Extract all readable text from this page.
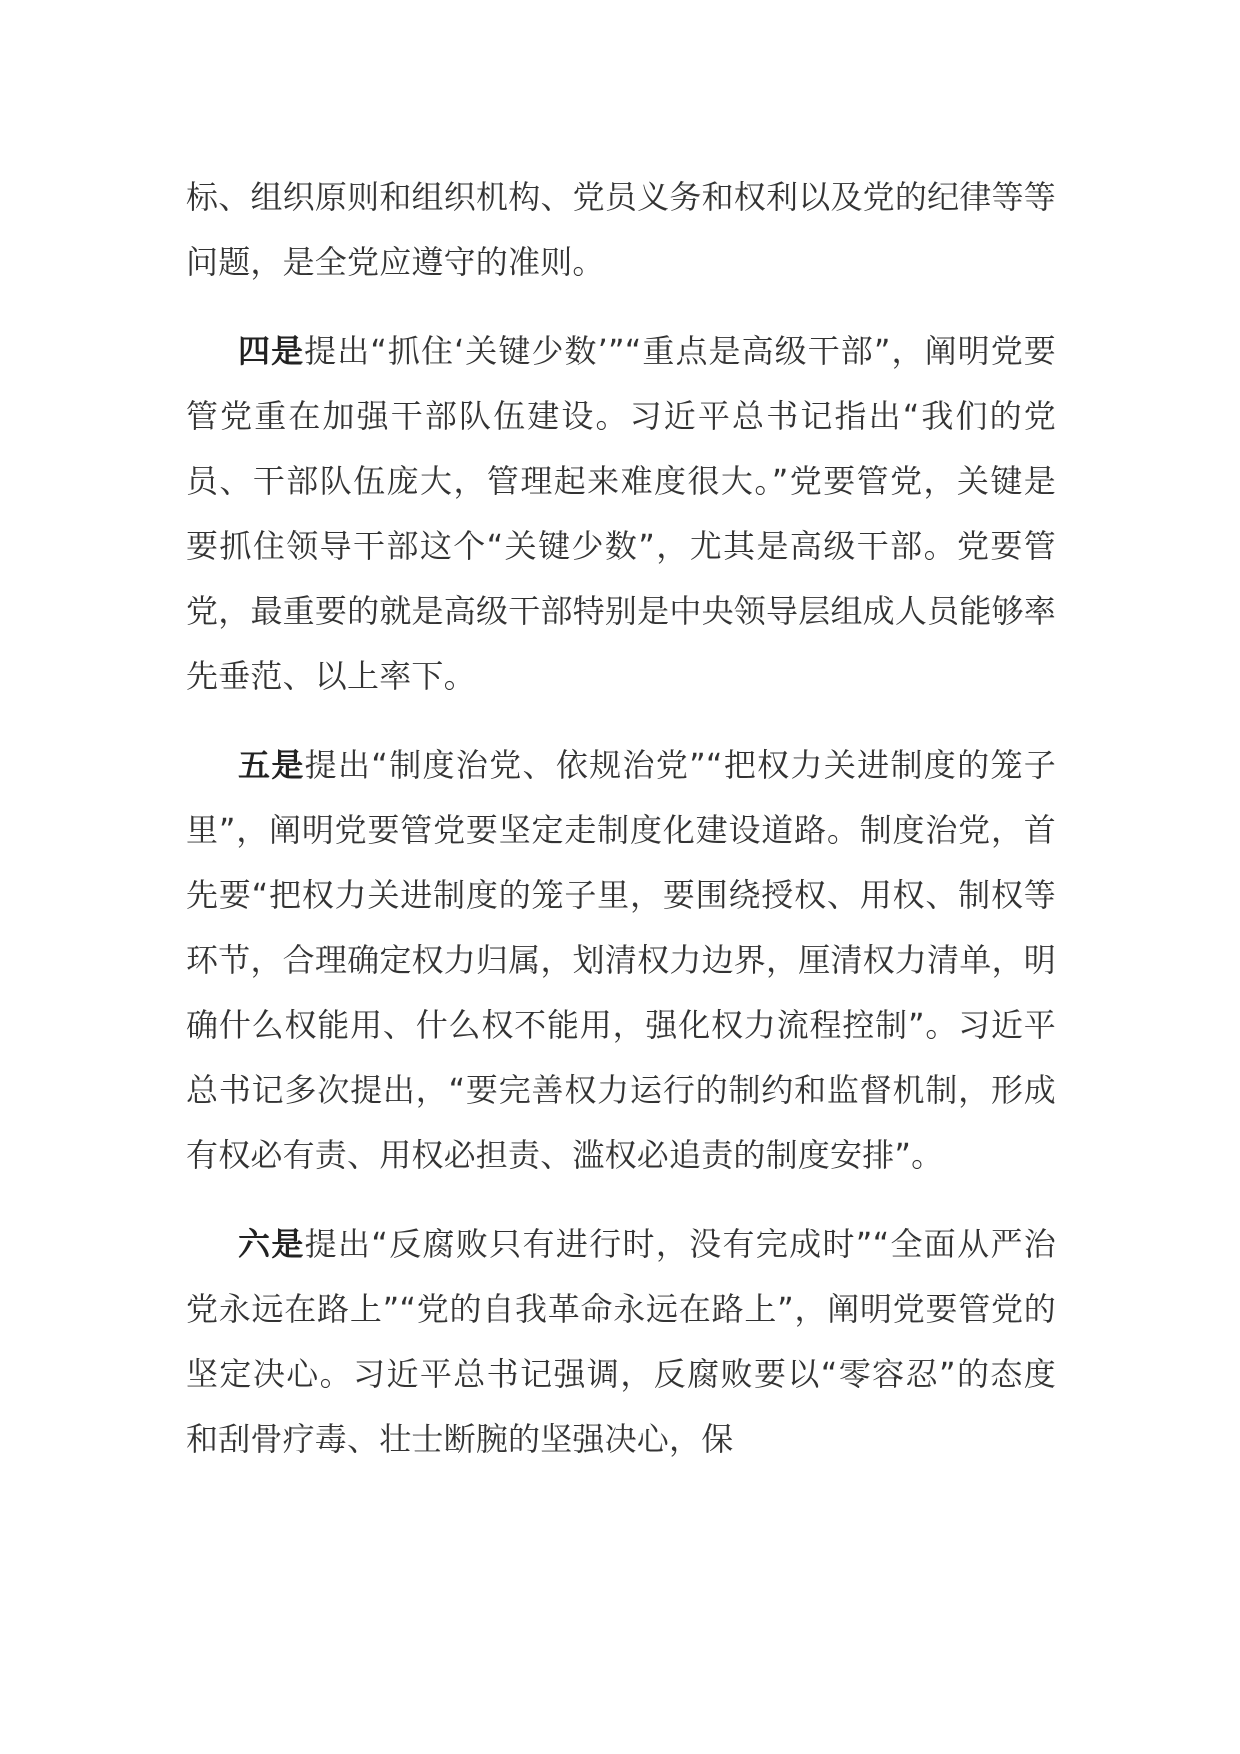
标、组织原则和组织机构、党员义务和权利以及党的纪律等等问题，是全党应遵守的准则。

四是提出“抓住‘关键少数’”“重点是高级干部”，阐明党要管党重在加强干部队伍建设。习近平总书记指出“我们的党员、干部队伍庞大，管理起来难度很大。”党要管党，关键是要抓住领导干部这个“关键少数”，尤其是高级干部。党要管党，最重要的就是高级干部特别是中央领导层组成人员能够率先垂范、以上率下。

五是提出“制度治党、依规治党”“把权力关进制度的笼子里”，阐明党要管党要坚定走制度化建设道路。制度治党，首先要“把权力关进制度的笼子里，要围绕授权、用权、制权等环节，合理确定权力归属，划清权力边界，厘清权力清单，明确什么权能用、什么权不能用，强化权力流程控制”。习近平总书记多次提出，“要完善权力运行的制约和监督机制，形成有权必有责、用权必担责、滥权必追责的制度安排”。

六是提出“反腐败只有进行时，没有完成时”“全面从严治党永远在路上”“党的自我革命永远在路上”，阐明党要管党的坚定决心。习近平总书记强调，反腐败要以“零容忍”的态度和刮骨疗毒、壮士断腕的坚强决心，保
